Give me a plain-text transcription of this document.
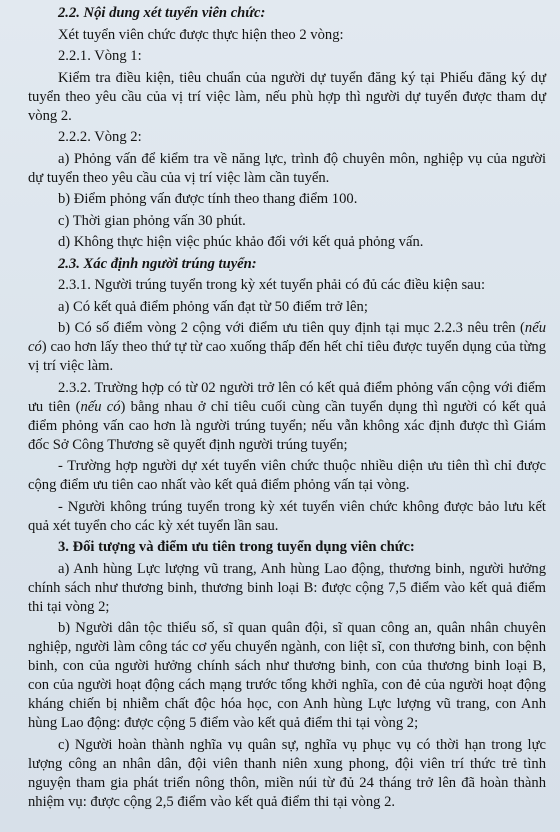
2.2. Nội dung xét tuyển viên chức:

Xét tuyển viên chức được thực hiện theo 2 vòng:

2.2.1. Vòng 1:

Kiểm tra điều kiện, tiêu chuẩn của người dự tuyển đăng ký tại Phiếu đăng ký dự tuyển theo yêu cầu của vị trí việc làm, nếu phù hợp thì người dự tuyển được tham dự vòng 2.

2.2.2. Vòng 2:

a) Phỏng vấn để kiểm tra về năng lực, trình độ chuyên môn, nghiệp vụ của người dự tuyển theo yêu cầu của vị trí việc làm cần tuyển.

b) Điểm phỏng vấn được tính theo thang điểm 100.

c) Thời gian phỏng vấn 30 phút.

d) Không thực hiện việc phúc khảo đối với kết quả phỏng vấn.

2.3. Xác định người trúng tuyển:

2.3.1. Người trúng tuyển trong kỳ xét tuyển phải có đủ các điều kiện sau:

a) Có kết quả điểm phỏng vấn đạt từ 50 điểm trở lên;

b) Có số điểm vòng 2 cộng với điểm ưu tiên quy định tại mục 2.2.3 nêu trên (nếu có) cao hơn lấy theo thứ tự từ cao xuống thấp đến hết chỉ tiêu được tuyển dụng của từng vị trí việc làm.

2.3.2. Trường hợp có từ 02 người trở lên có kết quả điểm phỏng vấn cộng với điểm ưu tiên (nếu có) bằng nhau ở chỉ tiêu cuối cùng cần tuyển dụng thì người có kết quả điểm phỏng vấn cao hơn là người trúng tuyển; nếu vẫn không xác định được thì Giám đốc Sở Công Thương sẽ quyết định người trúng tuyển;

- Trường hợp người dự xét tuyển viên chức thuộc nhiều diện ưu tiên thì chỉ được cộng điểm ưu tiên cao nhất vào kết quả điểm phỏng vấn tại vòng.

- Người không trúng tuyển trong kỳ xét tuyển viên chức không được bảo lưu kết quả xét tuyển cho các kỳ xét tuyển lần sau.

3. Đối tượng và điểm ưu tiên trong tuyển dụng viên chức:

a) Anh hùng Lực lượng vũ trang, Anh hùng Lao động, thương binh, người hưởng chính sách như thương binh, thương binh loại B: được cộng 7,5 điểm vào kết quả điểm thi tại vòng 2;

b) Người dân tộc thiểu số, sĩ quan quân đội, sĩ quan công an, quân nhân chuyên nghiệp, người làm công tác cơ yếu chuyển ngành, con liệt sĩ, con thương binh, con bệnh binh, con của người hưởng chính sách như thương binh, con của thương binh loại B, con của người hoạt động cách mạng trước tổng khởi nghĩa, con đẻ của người hoạt động kháng chiến bị nhiễm chất độc hóa học, con Anh hùng Lực lượng vũ trang, con Anh hùng Lao động: được cộng 5 điểm vào kết quả điểm thi tại vòng 2;

c) Người hoàn thành nghĩa vụ quân sự, nghĩa vụ phục vụ có thời hạn trong lực lượng công an nhân dân, đội viên thanh niên xung phong, đội viên trí thức trẻ tình nguyện tham gia phát triển nông thôn, miền núi từ đủ 24 tháng trở lên đã hoàn thành nhiệm vụ: được cộng 2,5 điểm vào kết quả điểm thi tại vòng 2.
